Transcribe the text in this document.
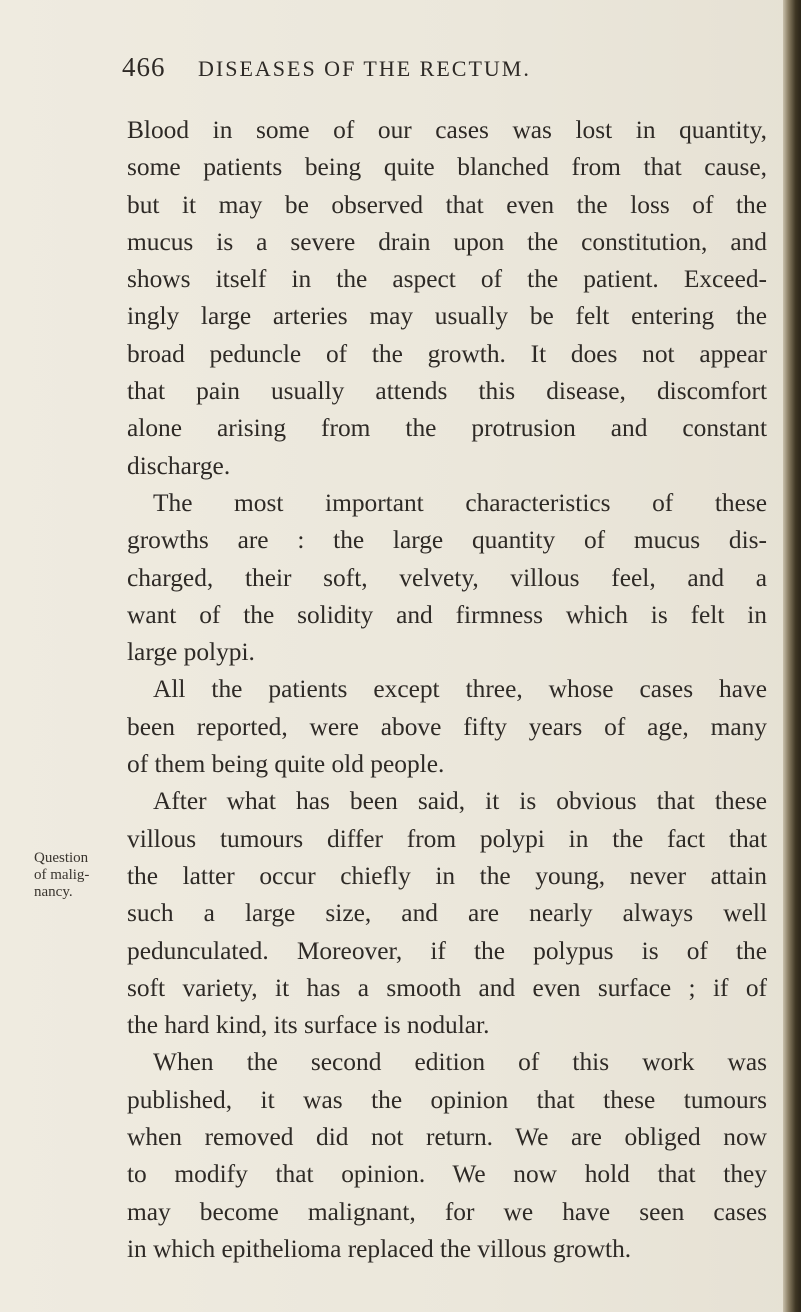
466 DISEASES OF THE RECTUM.
Question
of malig-
nancy.
Blood in some of our cases was lost in quantity,
some patients being quite blanched from that cause,
but it may be observed that even the loss of the
mucus is a severe drain upon the constitution, and
shows itself in the aspect of the patient. Exceed-
ingly large arteries may usually be felt entering the
broad peduncle of the growth. It does not appear
that pain usually attends this disease, discomfort
alone arising from the protrusion and constant
discharge.
The most important characteristics of these
growths are : the large quantity of mucus dis-
charged, their soft, velvety, villous feel, and a
want of the solidity and firmness which is felt in
large polypi.
All the patients except three, whose cases have
been reported, were above fifty years of age, many
of them being quite old people.
After what has been said, it is obvious that these
villous tumours differ from polypi in the fact that
the latter occur chiefly in the young, never attain
such a large size, and are nearly always well
pedunculated. Moreover, if the polypus is of the
soft variety, it has a smooth and even surface ; if of
the hard kind, its surface is nodular.
When the second edition of this work was
published, it was the opinion that these tumours
when removed did not return. We are obliged now
to modify that opinion. We now hold that they
may become malignant, for we have seen cases
in which epithelioma replaced the villous growth.
